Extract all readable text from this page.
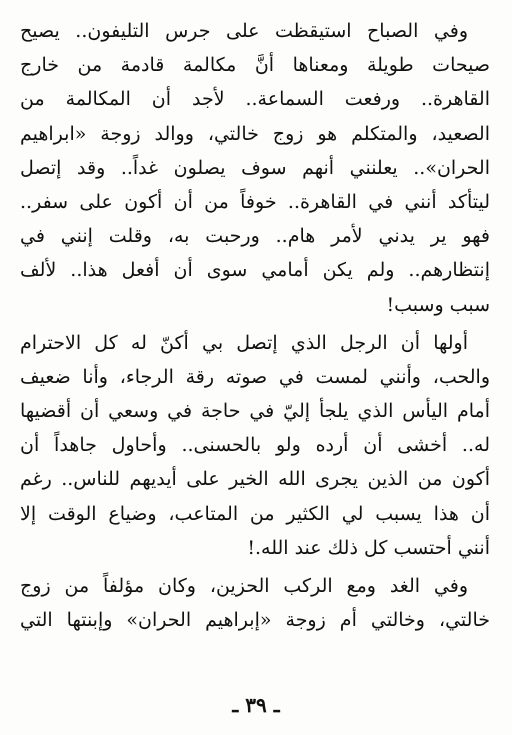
وفي الصباح استيقظت على جرس التليفون.. يصيح
صيحات طويلة ومعناها أنَّ مكالمة قادمة من خارج
القاهرة.. ورفعت السماعة.. لأجد أن المكالمة من
الصعيد، والمتكلم هو زوج خالتي، ووالد زوجة «ابراهيم
الحران».. يعلنني أنهم سوف يصلون غداً.. وقد إتصل
ليتأكد أنني في القاهرة.. خوفاً من أن أكون على سفر..
فهو ير يدني لأمر هام.. ورحبت به، وقلت إنني في
إنتظارهم.. ولم يكن أمامي سوى أن أفعل هذا.. لألف
سبب وسبب!
أولها أن الرجل الذي إتصل بي أكنّ له كل الاحترام
والحب، وأنني لمست في صوته رقة الرجاء، وأنا ضعيف
أمام اليأس الذي يلجأ إليّ في حاجة في وسعي أن أقضيها
له.. أخشى أن أرده ولو بالحسنى.. وأحاول جاهداً أن
أكون من الذين يجرى الله الخير على أيديهم للناس.. رغم
أن هذا يسبب لي الكثير من المتاعب، وضياع الوقت إلا
أنني أحتسب كل ذلك عند الله.!
وفي الغد ومع الركب الحزين، وكان مؤلفاً من زوج
خالتي، وخالتي أم زوجة «إبراهيم الحران» وإبنتها التي
ـ ٣٩ ـ
